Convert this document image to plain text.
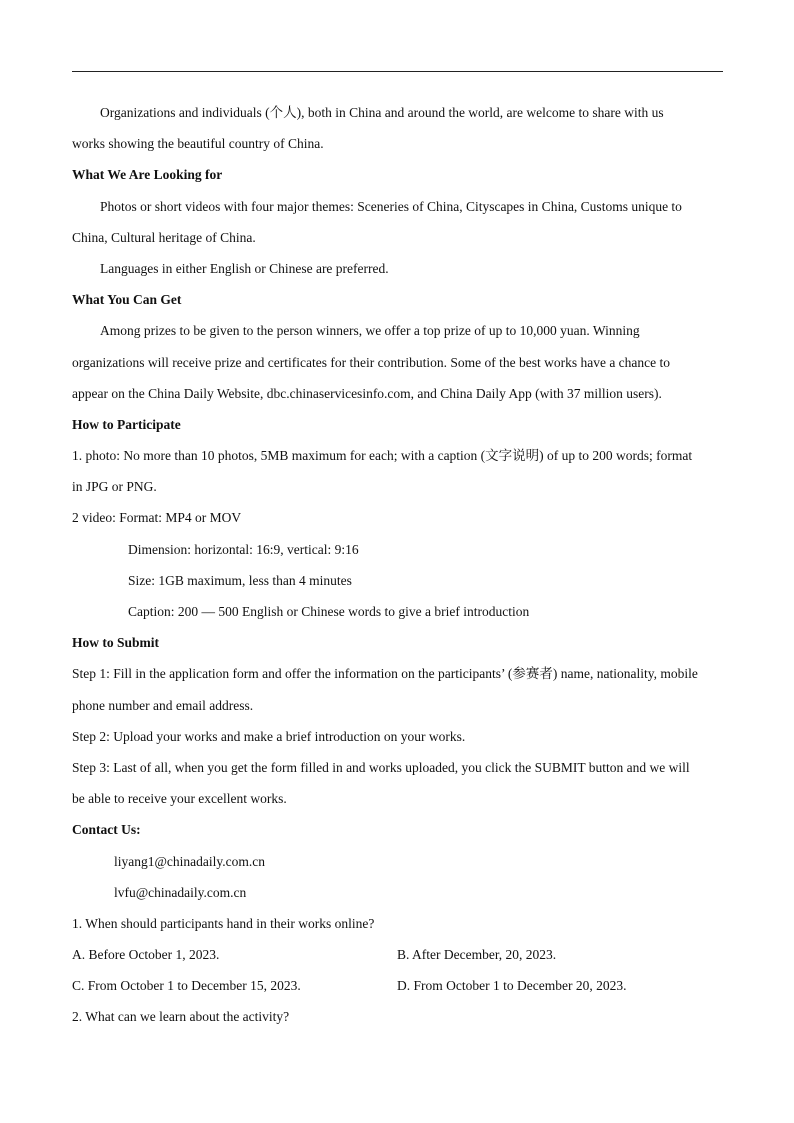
Organizations and individuals (个人), both in China and around the world, are welcome to share with us
works showing the beautiful country of China.
What We Are Looking for
Photos or short videos with four major themes: Sceneries of China, Cityscapes in China, Customs unique to
China, Cultural heritage of China.
Languages in either English or Chinese are preferred.
What You Can Get
Among prizes to be given to the person winners, we offer a top prize of up to 10,000 yuan. Winning
organizations will receive prize and certificates for their contribution. Some of the best works have a chance to
appear on the China Daily Website, dbc.chinaservicesinfo.com, and China Daily App (with 37 million users).
How to Participate
1. photo: No more than 10 photos, 5MB maximum for each; with a caption (文字说明) of up to 200 words; format
in JPG or PNG.
2 video: Format: MP4 or MOV
Dimension: horizontal: 16:9, vertical: 9:16
Size: 1GB maximum, less than 4 minutes
Caption: 200 — 500 English or Chinese words to give a brief introduction
How to Submit
Step 1: Fill in the application form and offer the information on the participants’ (参赛者) name, nationality, mobile
phone number and email address.
Step 2: Upload your works and make a brief introduction on your works.
Step 3: Last of all, when you get the form filled in and works uploaded, you click the SUBMIT button and we will
be able to receive your excellent works.
Contact Us:
liyang1@chinadaily.com.cn
lvfu@chinadaily.com.cn
1. When should participants hand in their works online?
A. Before October 1, 2023.	B. After December, 20, 2023.
C. From October 1 to December 15, 2023.	D. From October 1 to December 20, 2023.
2. What can we learn about the activity?
